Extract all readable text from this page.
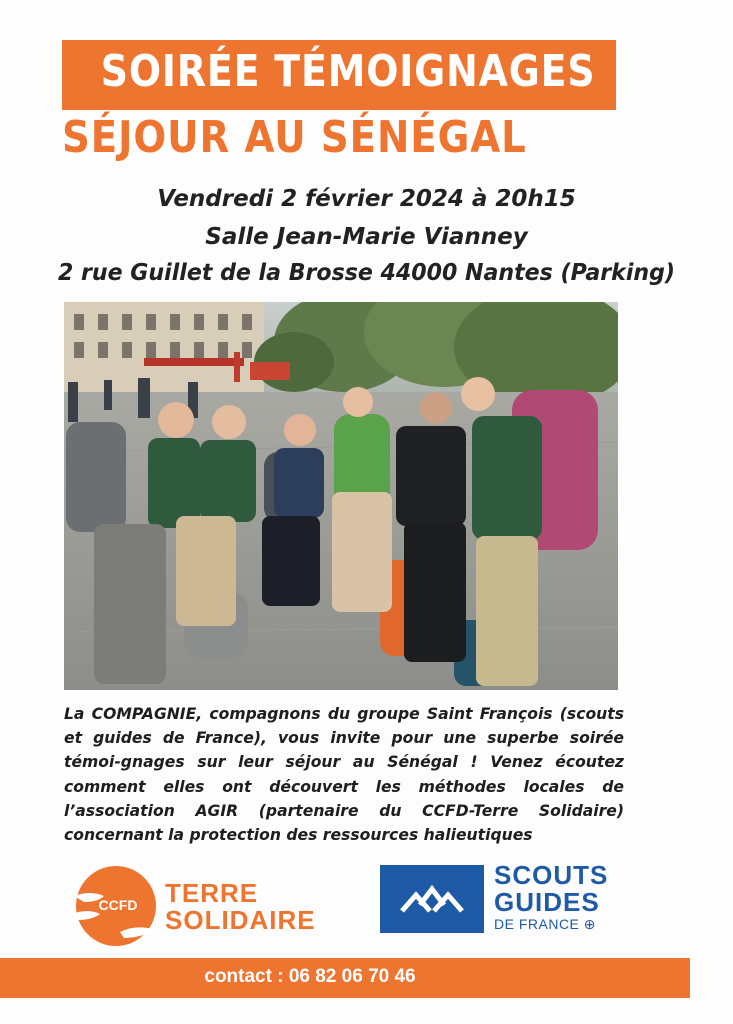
SOIRÉE TÉMOIGNAGES
SÉJOUR AU SÉNÉGAL
Vendredi 2 février 2024 à 20h15
Salle Jean-Marie Vianney
2 rue Guillet de la Brosse 44000 Nantes (Parking)
La COMPAGNIE, compagnons du groupe Saint François (scouts et guides de France), vous invite pour une superbe soirée témoi-gnages sur leur séjour au Sénégal ! Venez écoutez comment elles ont découvert les méthodes locales de l’association AGIR (partenaire du CCFD-Terre Solidaire) concernant la protection des ressources halieutiques
CCFD TERRE
SOLIDAIRE
SCOUTS
GUIDES
DE FRANCE ⊕
contact : 06 82 06 70 46
